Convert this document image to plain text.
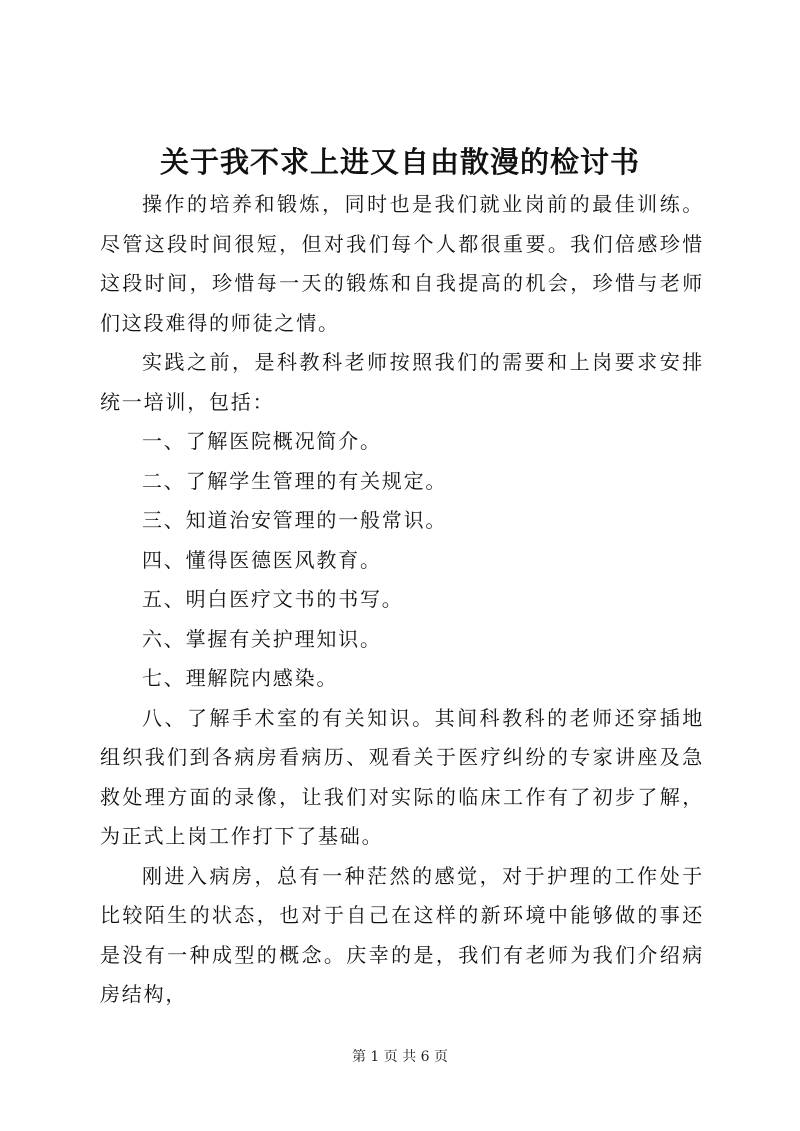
关于我不求上进又自由散漫的检讨书

操作的培养和锻炼，同时也是我们就业岗前的最佳训练。尽管这段时间很短，但对我们每个人都很重要。我们倍感珍惜这段时间，珍惜每一天的锻炼和自我提高的机会，珍惜与老师们这段难得的师徒之情。

实践之前，是科教科老师按照我们的需要和上岗要求安排统一培训，包括：

一、了解医院概况简介。

二、了解学生管理的有关规定。

三、知道治安管理的一般常识。

四、懂得医德医风教育。

五、明白医疗文书的书写。

六、掌握有关护理知识。

七、理解院内感染。

八、了解手术室的有关知识。其间科教科的老师还穿插地组织我们到各病房看病历、观看关于医疗纠纷的专家讲座及急救处理方面的录像，让我们对实际的临床工作有了初步了解，为正式上岗工作打下了基础。

刚进入病房，总有一种茫然的感觉，对于护理的工作处于比较陌生的状态，也对于自己在这样的新环境中能够做的事还是没有一种成型的概念。庆幸的是，我们有老师为我们介绍病房结构，

第 1 页 共 6 页
